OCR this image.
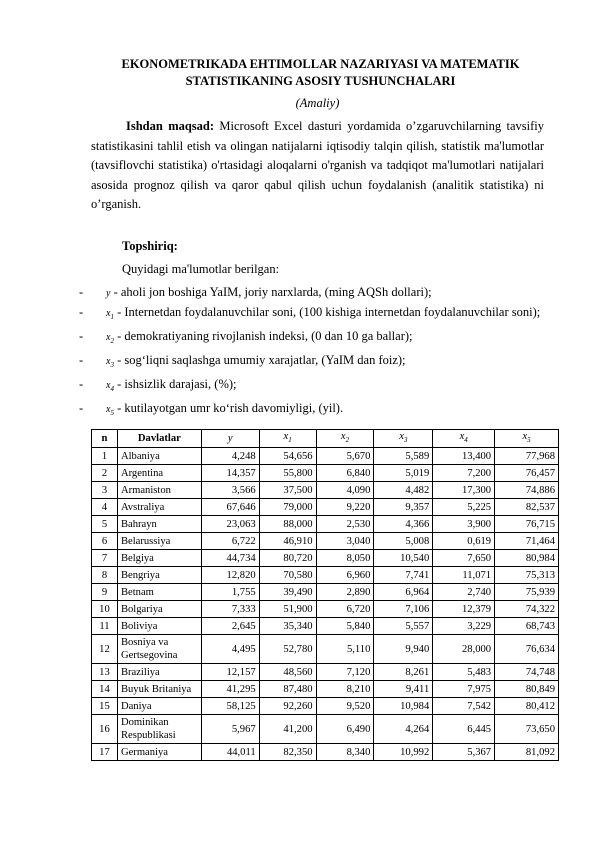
EKONOMETRIKADA EHTIMOLLAR NAZARIYASI VA MATEMATIK STATISTIKANING ASOSIY TUSHUNCHALARI

(Amaliy)

Ishdan maqsad: Microsoft Excel dasturi yordamida o’zgaruvchilarning tavsifiy statistikasini tahlil etish va olingan natijalarni iqtisodiy talqin qilish, statistik ma'lumotlar (tavsiflovchi statistika) o'rtasidagi aloqalarni o'rganish va tadqiqot ma'lumotlari natijalari asosida prognoz qilish va qaror qabul qilish uchun foydalanish (analitik statistika) ni o’rganish.

Topshiriq:
Quyidagi ma'lumotlar berilgan:
- y - aholi jon boshiga YaIM, joriy narxlarda, (ming AQSh dollari);
- $x_1$ - Internetdan foydalanuvchilar soni, (100 kishiga internetdan foydalanuvchilar soni);
- $x_2$ - demokratiyaning rivojlanish indeksi, (0 dan 10 ga ballar);
- $x_3$ - sog‘liqni saqlashga umumiy xarajatlar, (YaIM dan foiz);
- $x_4$ - ishsizlik darajasi, (%);
- $x_5$ - kutilayotgan umr ko‘rish davomiyligi, (yil).
n	Davlatlar	y	$x_1$	$x_2$	$x_3$	$x_4$	$x_5$
1	Albaniya	4,248	54,656	5,670	5,589	13,400	77,968
2	Argentina	14,357	55,800	6,840	5,019	7,200	76,457
3	Armaniston	3,566	37,500	4,090	4,482	17,300	74,886
4	Avstraliya	67,646	79,000	9,220	9,357	5,225	82,537
5	Bahrayn	23,063	88,000	2,530	4,366	3,900	76,715
6	Belarussiya	6,722	46,910	3,040	5,008	0,619	71,464
7	Belgiya	44,734	80,720	8,050	10,540	7,650	80,984
8	Bengriya	12,820	70,580	6,960	7,741	11,071	75,313
9	Betnam	1,755	39,490	2,890	6,964	2,740	75,939
10	Bolgariya	7,333	51,900	6,720	7,106	12,379	74,322
11	Boliviya	2,645	35,340	5,840	5,557	3,229	68,743
12	Bosniya va Gertsegovina	4,495	52,780	5,110	9,940	28,000	76,634
13	Braziliya	12,157	48,560	7,120	8,261	5,483	74,748
14	Buyuk Britaniya	41,295	87,480	8,210	9,411	7,975	80,849
15	Daniya	58,125	92,260	9,520	10,984	7,542	80,412
16	Dominikan Respublikasi	5,967	41,200	6,490	4,264	6,445	73,650
17	Germaniya	44,011	82,350	8,340	10,992	5,367	81,092
